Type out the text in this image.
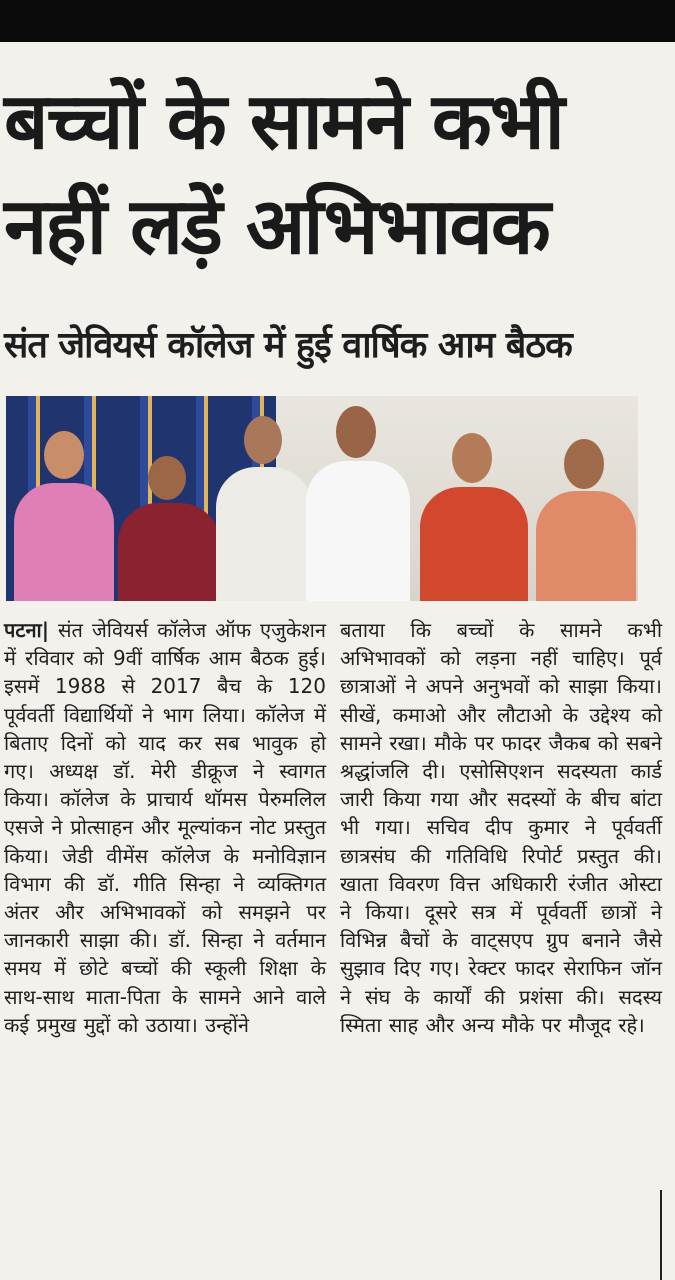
बच्चों के सामने कभी
नहीं लड़ें अभिभावक
संत जेवियर्स कॉलेज में हुई वार्षिक आम बैठक

पटना| संत जेवियर्स कॉलेज ऑफ एजुकेशन में रविवार को 9वीं वार्षिक आम बैठक हुई। इसमें 1988 से 2017 बैच के 120 पूर्ववर्ती विद्यार्थियों ने भाग लिया। कॉलेज में बिताए दिनों को याद कर सब भावुक हो गए। अध्यक्ष डॉ. मेरी डीक्रूज ने स्वागत किया। कॉलेज के प्राचार्य थॉमस पेरुमलिल एसजे ने प्रोत्साहन और मूल्यांकन नोट प्रस्तुत किया। जेडी वीमेंस कॉलेज के मनोविज्ञान विभाग की डॉ. गीति सिन्हा ने व्यक्तिगत अंतर और अभिभावकों को समझने पर जानकारी साझा की। डॉ. सिन्हा ने वर्तमान समय में छोटे बच्चों की स्कूली शिक्षा के साथ-साथ माता-पिता के सामने आने वाले कई प्रमुख मुद्दों को उठाया। उन्होंने

बताया कि बच्चों के सामने कभी अभिभावकों को लड़ना नहीं चाहिए। पूर्व छात्राओं ने अपने अनुभवों को साझा किया। सीखें, कमाओ और लौटाओ के उद्देश्य को सामने रखा। मौके पर फादर जैकब को सबने श्रद्धांजलि दी। एसोसिएशन सदस्यता कार्ड जारी किया गया और सदस्यों के बीच बांटा भी गया। सचिव दीप कुमार ने पूर्ववर्ती छात्रसंघ की गतिविधि रिपोर्ट प्रस्तुत की। खाता विवरण वित्त अधिकारी रंजीत ओस्टा ने किया। दूसरे सत्र में पूर्ववर्ती छात्रों ने विभिन्न बैचों के वाट्सएप ग्रुप बनाने जैसे सुझाव दिए गए। रेक्टर फादर सेराफिन जॉन ने संघ के कार्यों की प्रशंसा की। सदस्य स्मिता साह और अन्य मौके पर मौजूद रहे।
